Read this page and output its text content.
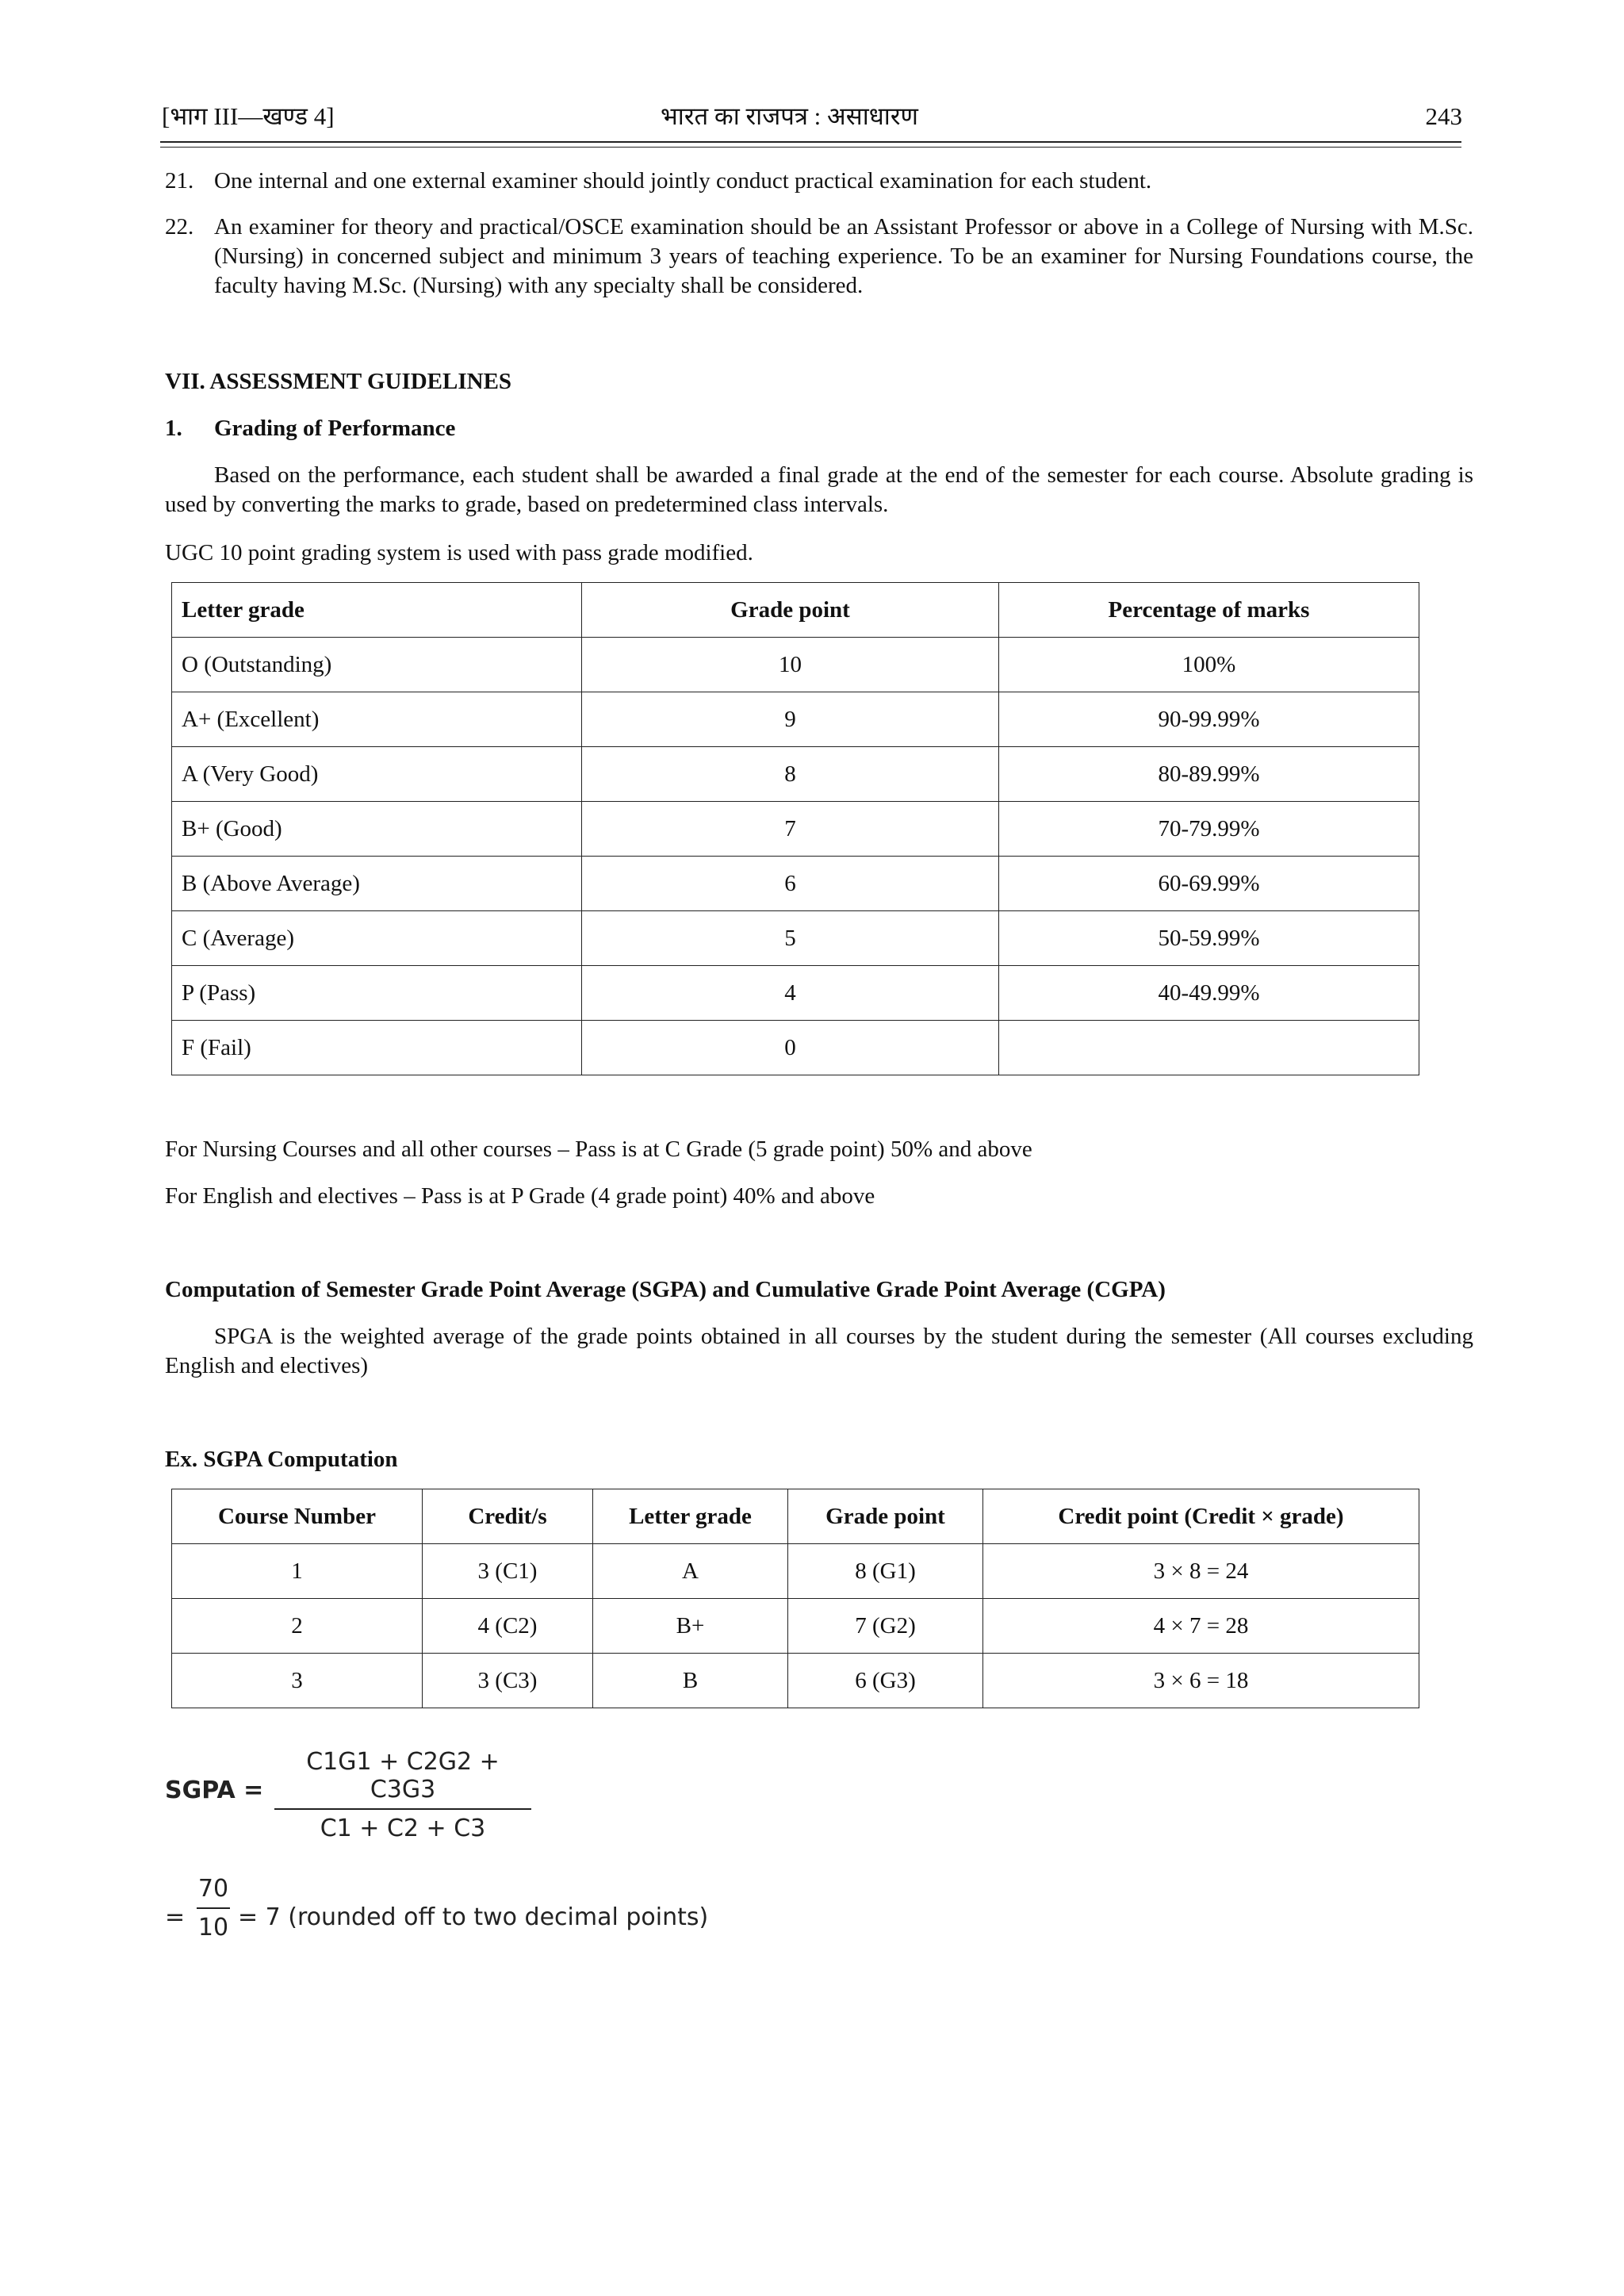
[भाग III—खण्ड 4]	भारत का राजपत्र : असाधारण	243
21. One internal and one external examiner should jointly conduct practical examination for each student.
22. An examiner for theory and practical/OSCE examination should be an Assistant Professor or above in a College of Nursing with M.Sc. (Nursing) in concerned subject and minimum 3 years of teaching experience. To be an examiner for Nursing Foundations course, the faculty having M.Sc. (Nursing) with any specialty shall be considered.
VII. ASSESSMENT GUIDELINES
1. Grading of Performance
Based on the performance, each student shall be awarded a final grade at the end of the semester for each course. Absolute grading is used by converting the marks to grade, based on predetermined class intervals.
UGC 10 point grading system is used with pass grade modified.
Letter grade	Grade point	Percentage of marks
O (Outstanding)	10	100%
A+ (Excellent)	9	90-99.99%
A (Very Good)	8	80-89.99%
B+ (Good)	7	70-79.99%
B (Above Average)	6	60-69.99%
C (Average)	5	50-59.99%
P (Pass)	4	40-49.99%
F (Fail)	0	
For Nursing Courses and all other courses – Pass is at C Grade (5 grade point) 50% and above
For English and electives – Pass is at P Grade (4 grade point) 40% and above
Computation of Semester Grade Point Average (SGPA) and Cumulative Grade Point Average (CGPA)
SPGA is the weighted average of the grade points obtained in all courses by the student during the semester (All courses excluding English and electives)
Ex. SGPA Computation
Course Number	Credit/s	Letter grade	Grade point	Credit point (Credit × grade)
1	3 (C1)	A	8 (G1)	3 × 8 = 24
2	4 (C2)	B+	7 (G2)	4 × 7 = 28
3	3 (C3)	B	6 (G3)	3 × 6 = 18
SGPA =
C1G1 + C2G2 + C3G3
C1 + C2 + C3
=
70
10 = 7 (rounded off to two decimal points)
